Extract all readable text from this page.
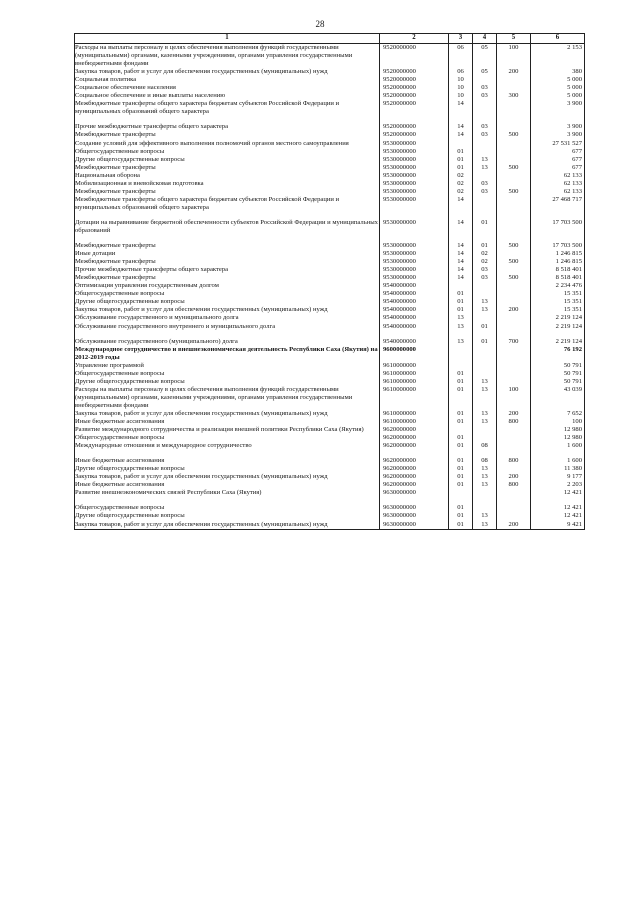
28
1	2	3	4	5	6
Расходы на выплаты персоналу в целях обеспечения выполнения функций государственными (муниципальными) органами, казенными учреждениями, органами управления государственными внебюджетными фондами	9520000000	06	05	100	2 153
Закупка товаров, работ и услуг для обеспечения государственных (муниципальных) нужд	9520000000	06	05	200	380
Социальная политика	9520000000	10			5 000
Социальное обеспечение населения	9520000000	10	03		5 000
Социальное обеспечение и иные выплаты населению	9520000000	10	03	300	5 000
Межбюджетные трансферты общего характера бюджетам субъектов Российской Федерации и муниципальных образований общего характера	9520000000	14			3 900
Прочие межбюджетные трансферты общего характера	9520000000	14	03		3 900
Межбюджетные трансферты	9520000000	14	03	500	3 900
Создание условий для эффективного выполнения полномочий органов местного самоуправления	9530000000				27 531 527
Общегосударственные вопросы	9530000000	01			677
Другие общегосударственные вопросы	9530000000	01	13		677
Межбюджетные трансферты	9530000000	01	13	500	677
Национальная оборона	9530000000	02			62 133
Мобилизационная и вневойсковая подготовка	9530000000	02	03		62 133
Межбюджетные трансферты	9530000000	02	03	500	62 133
Межбюджетные трансферты общего характера бюджетам субъектов Российской Федерации и муниципальных образований общего характера	9530000000	14			27 468 717
Дотации на выравнивание бюджетной обеспеченности субъектов Российской Федерации и муниципальных образований	9530000000	14	01		17 703 500
Межбюджетные трансферты	9530000000	14	01	500	17 703 500
Иные дотации	9530000000	14	02		1 246 815
Межбюджетные трансферты	9530000000	14	02	500	1 246 815
Прочие межбюджетные трансферты общего характера	9530000000	14	03		8 518 401
Межбюджетные трансферты	9530000000	14	03	500	8 518 401
Оптимизация управления государственным долгом	9540000000				2 234 476
Общегосударственные вопросы	9540000000	01			15 351
Другие общегосударственные вопросы	9540000000	01	13		15 351
Закупка товаров, работ и услуг для обеспечения государственных (муниципальных) нужд	9540000000	01	13	200	15 351
Обслуживание государственного и муниципального долга	9540000000	13			2 219 124
Обслуживание государственного внутреннего и муниципального долга	9540000000	13	01		2 219 124
Обслуживание государственного (муниципального) долга	9540000000	13	01	700	2 219 124
Международное сотрудничество и внешнеэкономическая деятельность Республики Саха (Якутия) на 2012-2019 годы	9600000000				76 192
Управление программой	9610000000				50 791
Общегосударственные вопросы	9610000000	01			50 791
Другие общегосударственные вопросы	9610000000	01	13		50 791
Расходы на выплаты персоналу в целях обеспечения выполнения функций государственными (муниципальными) органами, казенными учреждениями, органами управления государственными внебюджетными фондами	9610000000	01	13	100	43 039
Закупка товаров, работ и услуг для обеспечения государственных (муниципальных) нужд	9610000000	01	13	200	7 652
Иные бюджетные ассигнования	9610000000	01	13	800	100
Развитие международного сотрудничества и реализация внешней политики Республики Саха (Якутия)	9620000000				12 980
Общегосударственные вопросы	9620000000	01			12 980
Международные отношения и международное сотрудничество	9620000000	01	08		1 600
Иные бюджетные ассигнования	9620000000	01	08	800	1 600
Другие общегосударственные вопросы	9620000000	01	13		11 380
Закупка товаров, работ и услуг для обеспечения государственных (муниципальных) нужд	9620000000	01	13	200	9 177
Иные бюджетные ассигнования	9620000000	01	13	800	2 203
Развитие внешнеэкономических связей Республики Саха (Якутия)	9630000000				12 421
Общегосударственные вопросы	9630000000	01			12 421
Другие общегосударственные вопросы	9630000000	01	13		12 421
Закупка товаров, работ и услуг для обеспечения государственных (муниципальных) нужд	9630000000	01	13	200	9 421
